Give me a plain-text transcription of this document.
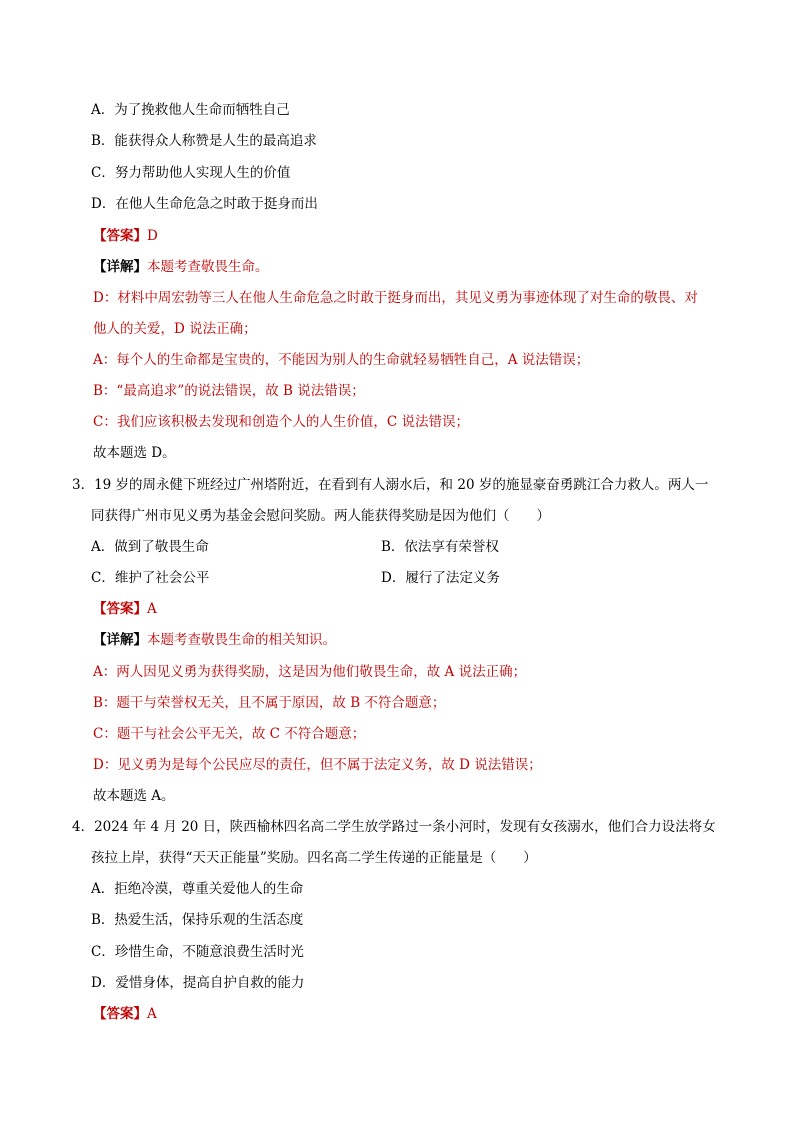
A．为了挽救他人生命而牺牲自己
B．能获得众人称赞是人生的最高追求
C．努力帮助他人实现人生的价值
D．在他人生命危急之时敢于挺身而出
【答案】D
【详解】本题考查敬畏生命。
D：材料中周宏勃等三人在他人生命危急之时敢于挺身而出，其见义勇为事迹体现了对生命的敬畏、对
他人的关爱，D 说法正确；
A：每个人的生命都是宝贵的，不能因为别人的生命就轻易牺牲自己，A 说法错误；
B：“最高追求”的说法错误，故 B 说法错误；
C：我们应该积极去发现和创造个人的人生价值，C 说法错误；
故本题选 D。
3．19 岁的周永健下班经过广州塔附近，在看到有人溺水后，和 20 岁的施显豪奋勇跳江合力救人。两人一
同获得广州市见义勇为基金会慰问奖励。两人能获得奖励是因为他们（　　）
A．做到了敬畏生命	B．依法享有荣誉权
C．维护了社会公平	D．履行了法定义务
【答案】A
【详解】本题考查敬畏生命的相关知识。
A：两人因见义勇为获得奖励，这是因为他们敬畏生命，故 A 说法正确；
B：题干与荣誉权无关，且不属于原因，故 B 不符合题意；
C：题干与社会公平无关，故 C 不符合题意；
D：见义勇为是每个公民应尽的责任，但不属于法定义务，故 D 说法错误；
故本题选 A。
4．2024 年 4 月 20 日，陕西榆林四名高二学生放学路过一条小河时，发现有女孩溺水，他们合力设法将女
孩拉上岸，获得“天天正能量”奖励。四名高二学生传递的正能量是（　　）
A．拒绝冷漠，尊重关爱他人的生命
B．热爱生活，保持乐观的生活态度
C．珍惜生命，不随意浪费生活时光
D．爱惜身体，提高自护自救的能力
【答案】A
